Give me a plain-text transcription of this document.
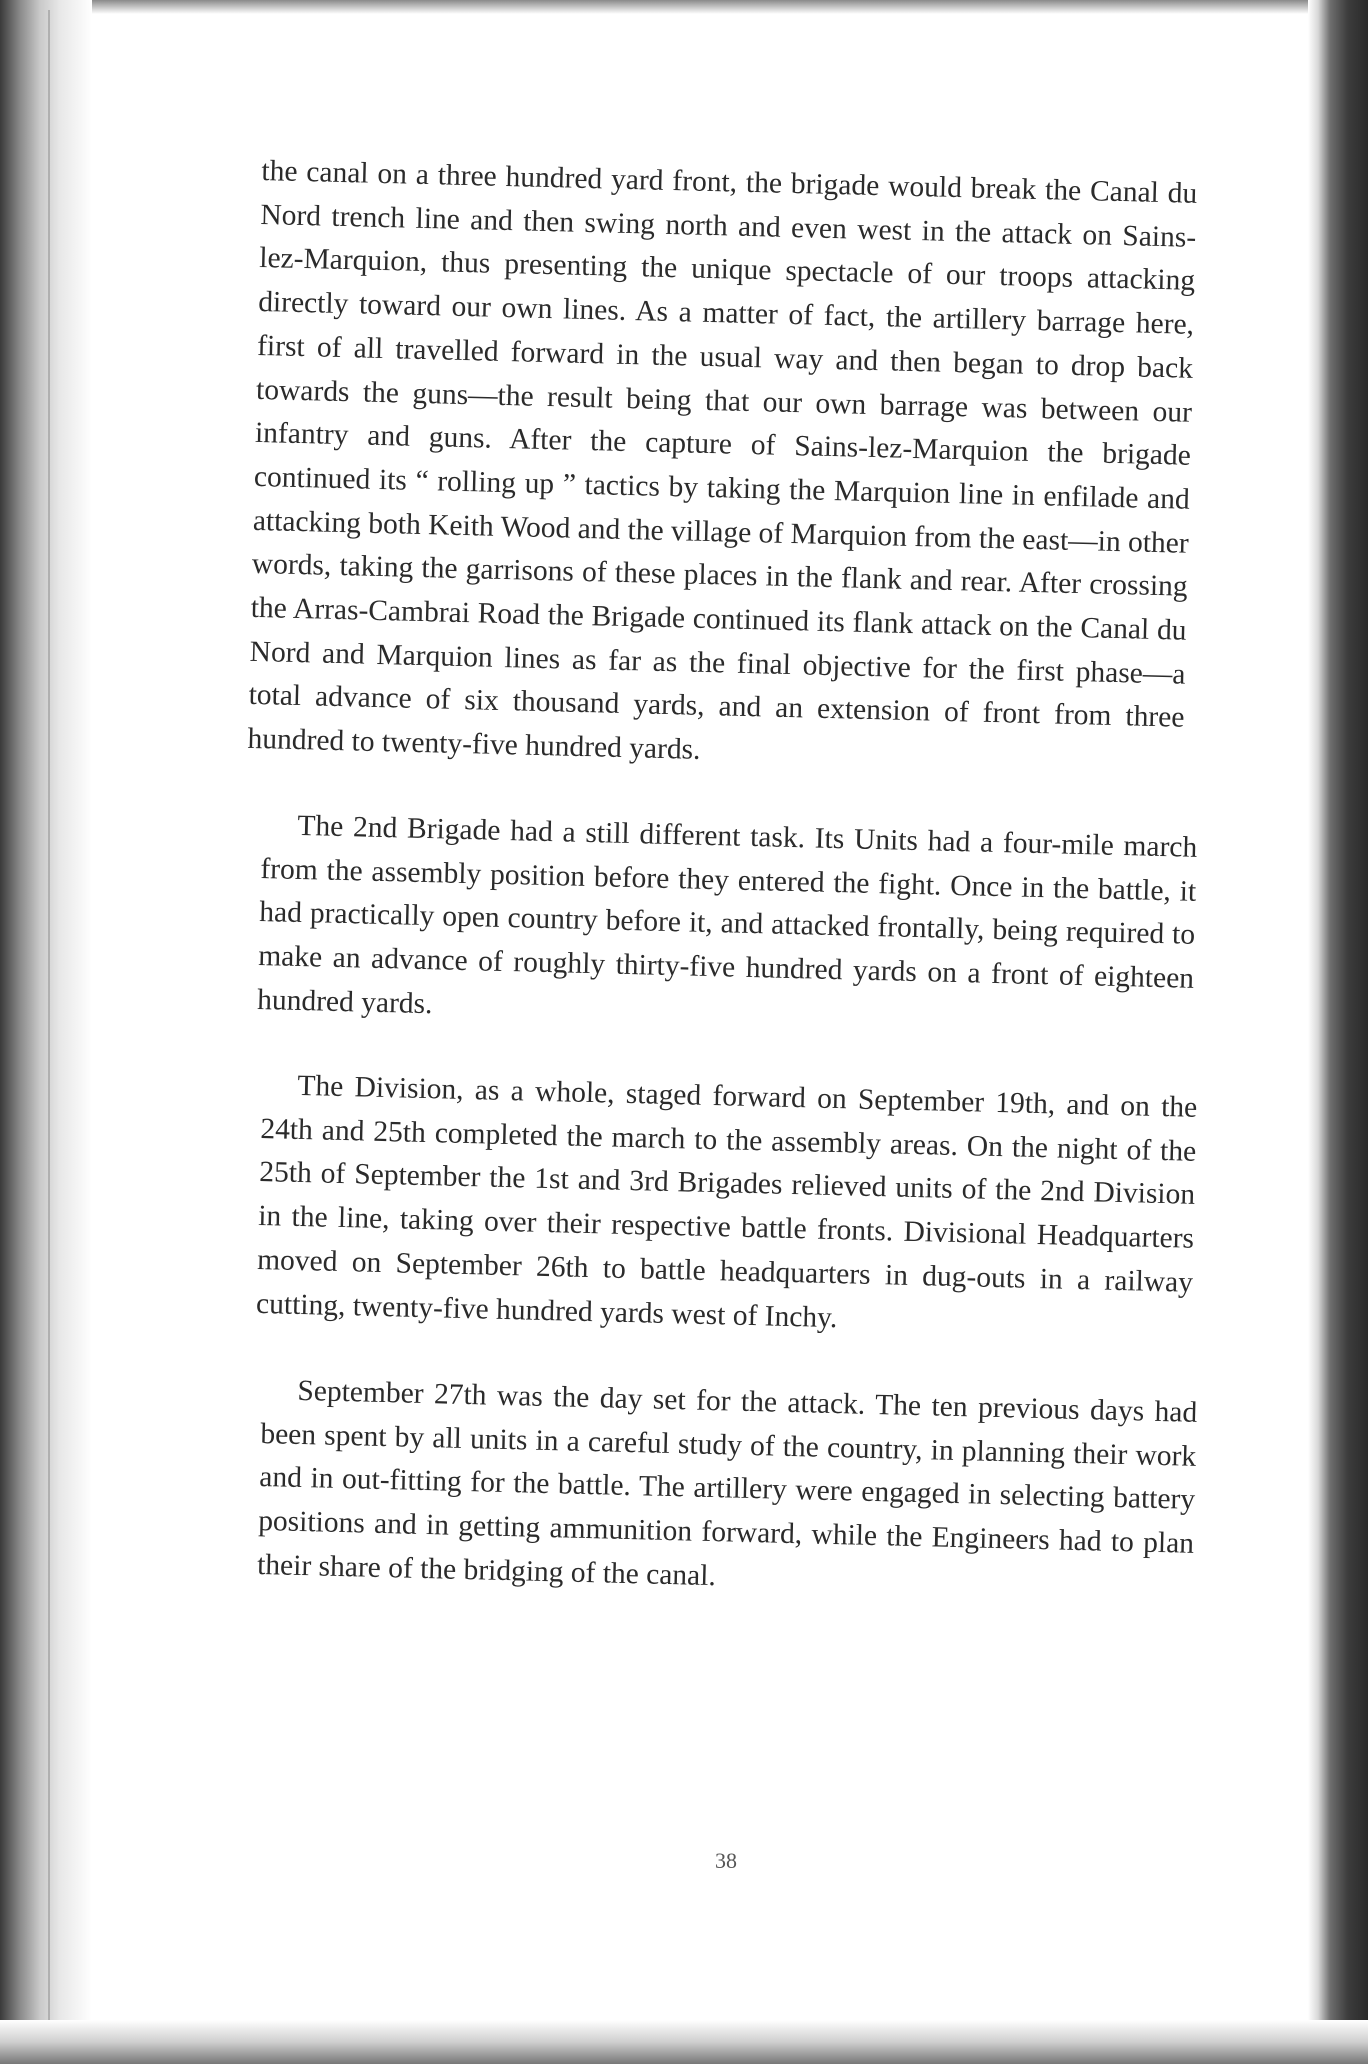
the canal on a three hundred yard front, the brigade would break the Canal du Nord trench line and then swing north and even west in the attack on Sains-lez-Marquion, thus presenting the unique spectacle of our troops attacking directly toward our own lines. As a matter of fact, the artillery barrage here, first of all travelled forward in the usual way and then began to drop back towards the guns—the result being that our own barrage was between our infantry and guns. After the capture of Sains-lez-Marquion the brigade continued its “ rolling up ” tactics by taking the Marquion line in enfilade and attacking both Keith Wood and the village of Marquion from the east—in other words, taking the garrisons of these places in the flank and rear. After crossing the Arras-Cambrai Road the Brigade continued its flank attack on the Canal du Nord and Marquion lines as far as the final objective for the first phase—a total advance of six thousand yards, and an extension of front from three hundred to twenty-five hundred yards.

The 2nd Brigade had a still different task. Its Units had a four-mile march from the assembly position before they entered the fight. Once in the battle, it had practically open country before it, and attacked frontally, being required to make an advance of roughly thirty-five hundred yards on a front of eighteen hundred yards.

The Division, as a whole, staged forward on September 19th, and on the 24th and 25th completed the march to the assembly areas. On the night of the 25th of September the 1st and 3rd Brigades relieved units of the 2nd Division in the line, taking over their respective battle fronts. Divisional Headquarters moved on September 26th to battle headquarters in dug-outs in a railway cutting, twenty-five hundred yards west of Inchy.

September 27th was the day set for the attack. The ten previous days had been spent by all units in a careful study of the country, in planning their work and in out-fitting for the battle. The artillery were engaged in selecting battery positions and in getting ammunition forward, while the Engineers had to plan their share of the bridging of the canal.

38
